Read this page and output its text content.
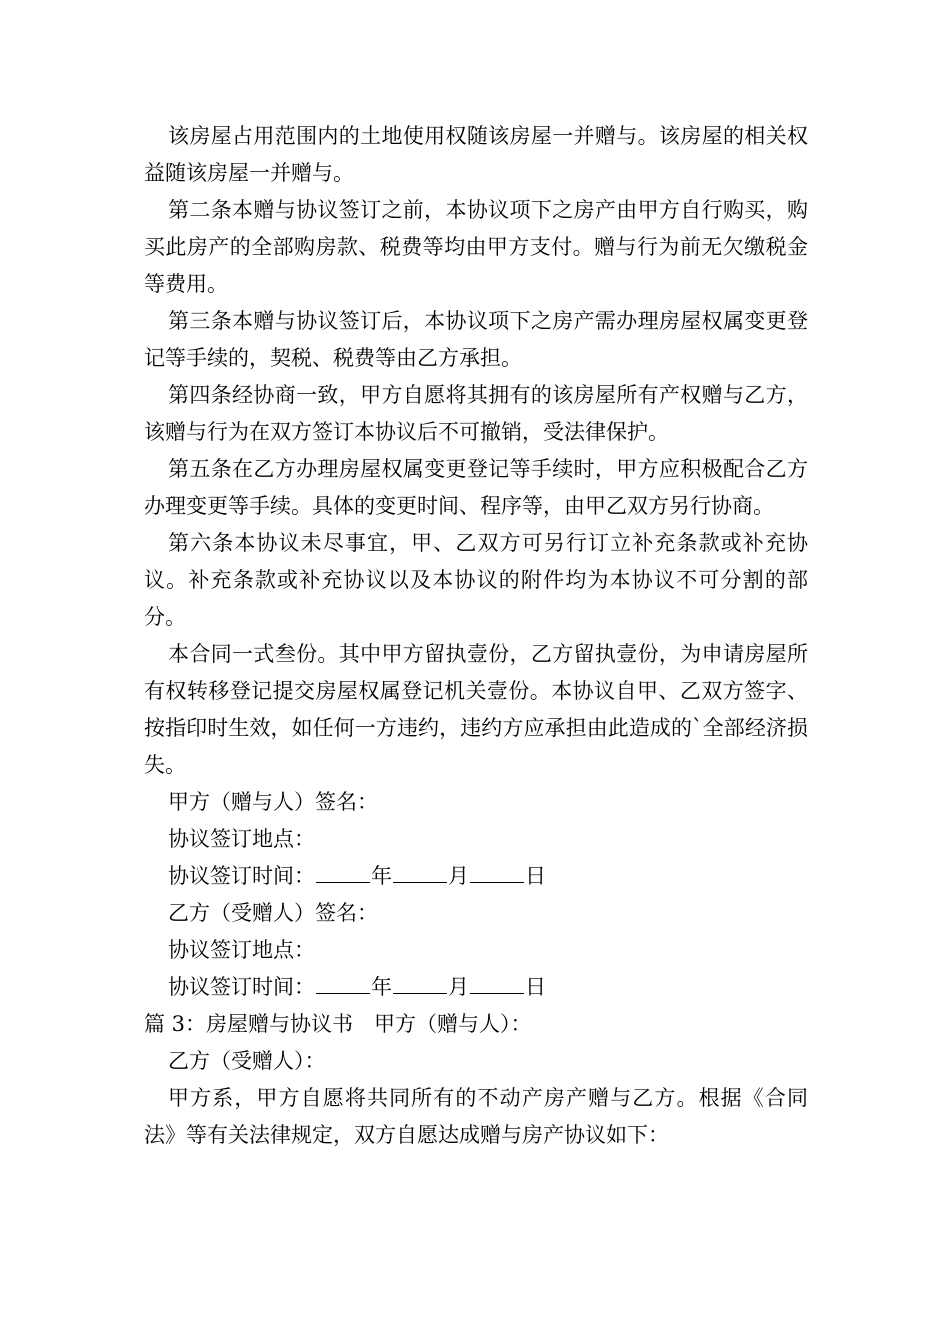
该房屋占用范围内的土地使用权随该房屋一并赠与。该房屋的相关权益随该房屋一并赠与。

第二条本赠与协议签订之前，本协议项下之房产由甲方自行购买，购买此房产的全部购房款、税费等均由甲方支付。赠与行为前无欠缴税金等费用。

第三条本赠与协议签订后，本协议项下之房产需办理房屋权属变更登记等手续的，契税、税费等由乙方承担。

第四条经协商一致，甲方自愿将其拥有的该房屋所有产权赠与乙方，该赠与行为在双方签订本协议后不可撤销，受法律保护。

第五条在乙方办理房屋权属变更登记等手续时，甲方应积极配合乙方办理变更等手续。具体的变更时间、程序等，由甲乙双方另行协商。

第六条本协议未尽事宜，甲、乙双方可另行订立补充条款或补充协议。补充条款或补充协议以及本协议的附件均为本协议不可分割的部分。

本合同一式叁份。其中甲方留执壹份，乙方留执壹份，为申请房屋所有权转移登记提交房屋权属登记机关壹份。本协议自甲、乙双方签字、按指印时生效，如任何一方违约，违约方应承担由此造成的`全部经济损失。

甲方（赠与人）签名：
协议签订地点：
协议签订时间：	年	月	日
乙方（受赠人）签名：
协议签订地点：
协议签订时间：	年	月	日
篇 3：房屋赠与协议书　甲方（赠与人）：
乙方（受赠人）：

甲方系，甲方自愿将共同所有的不动产房产赠与乙方。根据《合同法》等有关法律规定，双方自愿达成赠与房产协议如下：
